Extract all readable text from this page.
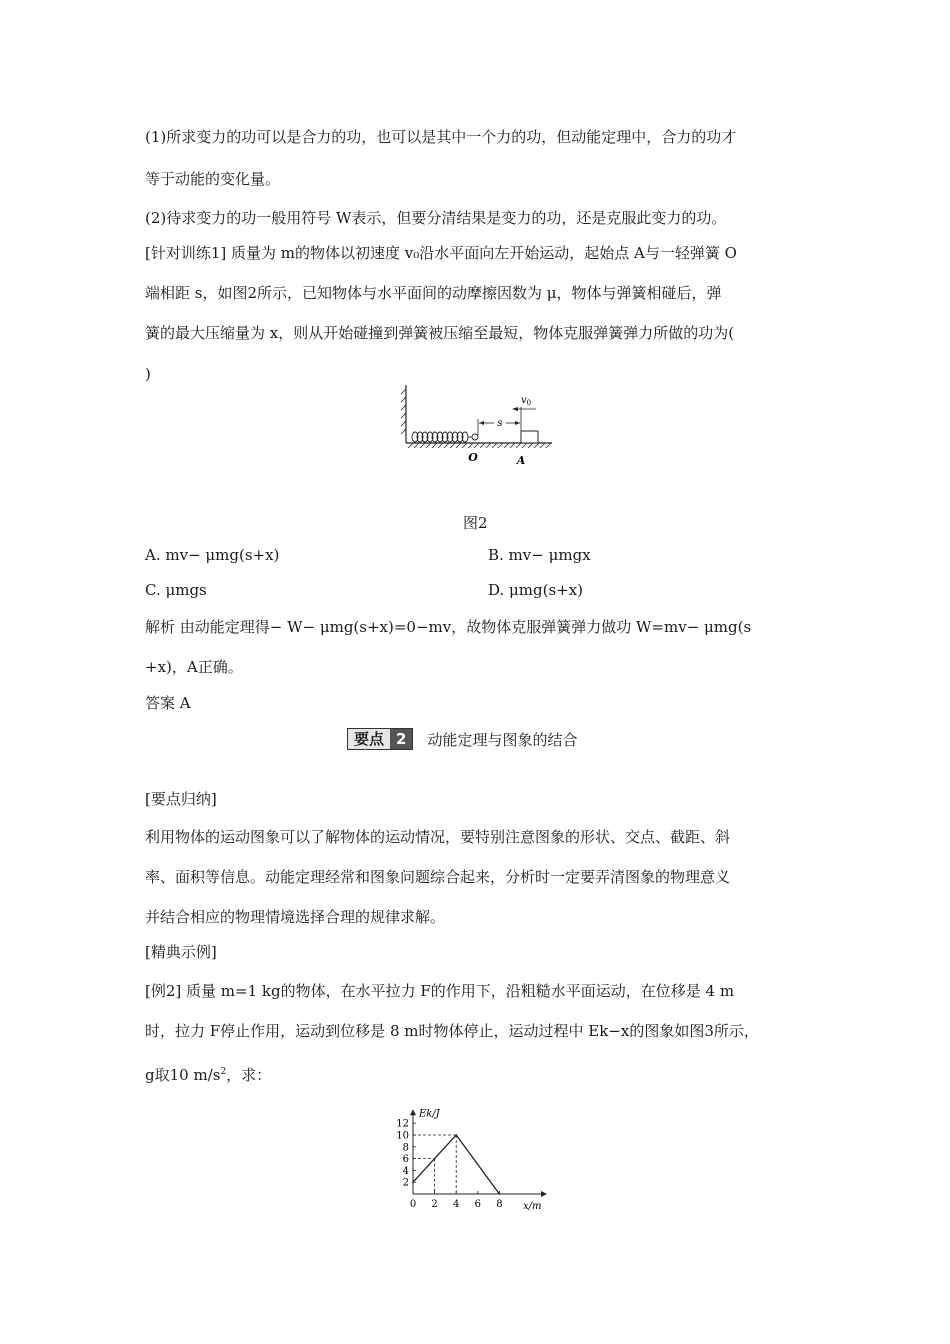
(1)所求变力的功可以是合力的功，也可以是其中一个力的功，但动能定理中，合力的功才
等于动能的变化量。
(2)待求变力的功一般用符号 W表示，但要分清结果是变力的功，还是克服此变力的功。
[针对训练1] 质量为 m的物体以初速度 v₀沿水平面向左开始运动，起始点 A与一轻弹簧 O
端相距 s，如图2所示，已知物体与水平面间的动摩擦因数为 μ，物体与弹簧相碰后，弹
簧的最大压缩量为 x，则从开始碰撞到弹簧被压缩至最短，物体克服弹簧弹力所做的功为(
)
s
$v_0$
O	A
图2
A. mv− μmg(s+x)	B. mv− μmgx
C. μmgs	D. μmg(s+x)
解析 由动能定理得− W− μmg(s+x)=0−mv，故物体克服弹簧弹力做功 W=mv− μmg(s
+x)，A正确。
答案 A
要点 2	动能定理与图象的结合
[要点归纳]
利用物体的运动图象可以了解物体的运动情况，要特别注意图象的形状、交点、截距、斜
率、面积等信息。动能定理经常和图象问题综合起来，分析时一定要弄清图象的物理意义
并结合相应的物理情境选择合理的规律求解。
[精典示例]
[例2] 质量 m=1 kg的物体，在水平拉力 F的作用下，沿粗糙水平面运动，在位移是 4 m
时，拉力 F停止作用，运动到位移是 8 m时物体停止，运动过程中 Ek−x的图象如图3所示，
g取10 $m/s^2$，求：
Ek/J
x/m
2
4
6
8
10
12
0 2 4 6 8
